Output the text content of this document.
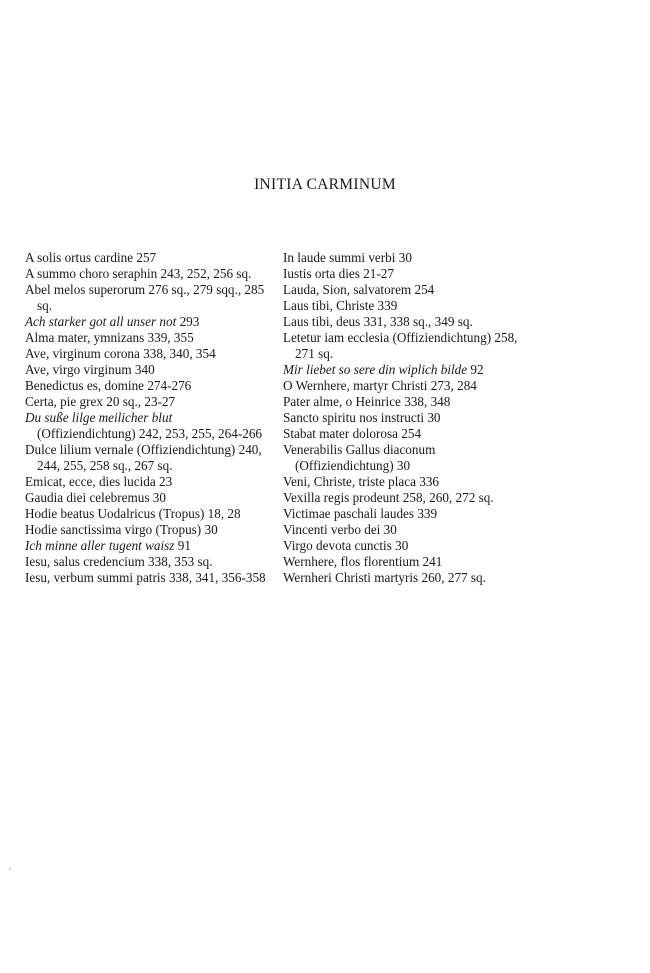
INITIA CARMINUM
A solis ortus cardine 257
A summo choro seraphin 243, 252, 256 sq.
Abel melos superorum 276 sq., 279 sqq., 285 sq.
Ach starker got all unser not 293
Alma mater, ymnizans 339, 355
Ave, virginum corona 338, 340, 354
Ave, virgo virginum 340
Benedictus es, domine 274-276
Certa, pie grex 20 sq., 23-27
Du suße lilge meilicher blut (Offiziendichtung) 242, 253, 255, 264-266
Dulce lilium vernale (Offiziendichtung) 240, 244, 255, 258 sq., 267 sq.
Emicat, ecce, dies lucida 23
Gaudia diei celebremus 30
Hodie beatus Uodalricus (Tropus) 18, 28
Hodie sanctissima virgo (Tropus) 30
Ich minne aller tugent waisz 91
Iesu, salus credencium 338, 353 sq.
Iesu, verbum summi patris 338, 341, 356-358
In laude summi verbi 30
Iustis orta dies 21-27
Lauda, Sion, salvatorem 254
Laus tibi, Christe 339
Laus tibi, deus 331, 338 sq., 349 sq.
Letetur iam ecclesia (Offiziendichtung) 258, 271 sq.
Mir liebet so sere din wiplich bilde 92
O Wernhere, martyr Christi 273, 284
Pater alme, o Heinrice 338, 348
Sancto spiritu nos instructi 30
Stabat mater dolorosa 254
Venerabilis Gallus diaconum (Offiziendichtung) 30
Veni, Christe, triste placa 336
Vexilla regis prodeunt 258, 260, 272 sq.
Victimae paschali laudes 339
Vincenti verbo dei 30
Virgo devota cunctis 30
Wernhere, flos florentium 241
Wernheri Christi martyris 260, 277 sq.
